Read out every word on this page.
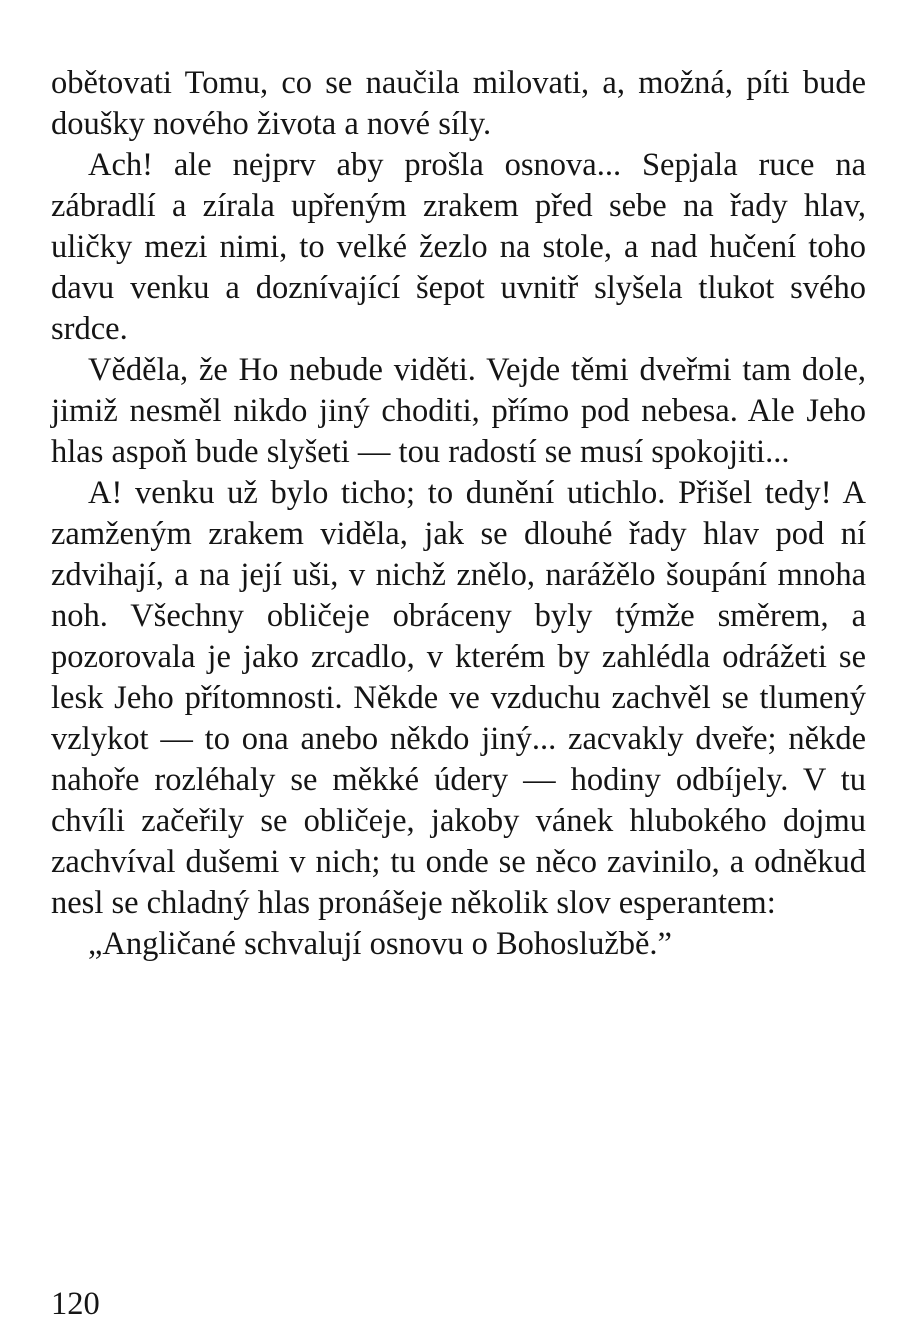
obětovati Tomu, co se naučila milovati, a, možná, píti bude doušky nového života a nové síly.

Ach! ale nejprv aby prošla osnova... Sepjala ruce na zábradlí a zírala upřeným zrakem před sebe na řady hlav, uličky mezi nimi, to velké žezlo na stole, a nad hučení toho davu venku a doznívající šepot uvnitř slyšela tlukot svého srdce.

Věděla, že Ho nebude viděti. Vejde těmi dveřmi tam dole, jimiž nesměl nikdo jiný choditi, přímo pod nebesa. Ale Jeho hlas aspoň bude slyšeti — tou radostí se musí spokojiti...

A! venku už bylo ticho; to dunění utichlo. Přišel tedy! A zamženým zrakem viděla, jak se dlouhé řady hlav pod ní zdvihají, a na její uši, v nichž znělo, narážělo šoupání mnoha noh. Všechny obličeje obráceny byly týmže směrem, a pozorovala je jako zrcadlo, v kterém by zahlédla odrážeti se lesk Jeho přítomnosti. Někde ve vzduchu zachvěl se tlumený vzlykot — to ona anebo někdo jiný... zacvakly dveře; někde nahoře rozléhaly se měkké údery — hodiny odbíjely. V tu chvíli začeřily se obličeje, jakoby vánek hlubokého dojmu zachvíval dušemi v nich; tu onde se něco zavinilo, a odněkud nesl se chladný hlas pronášeje několik slov esperantem:

„Angličané schvalují osnovu o Bohoslužbě.”

120
